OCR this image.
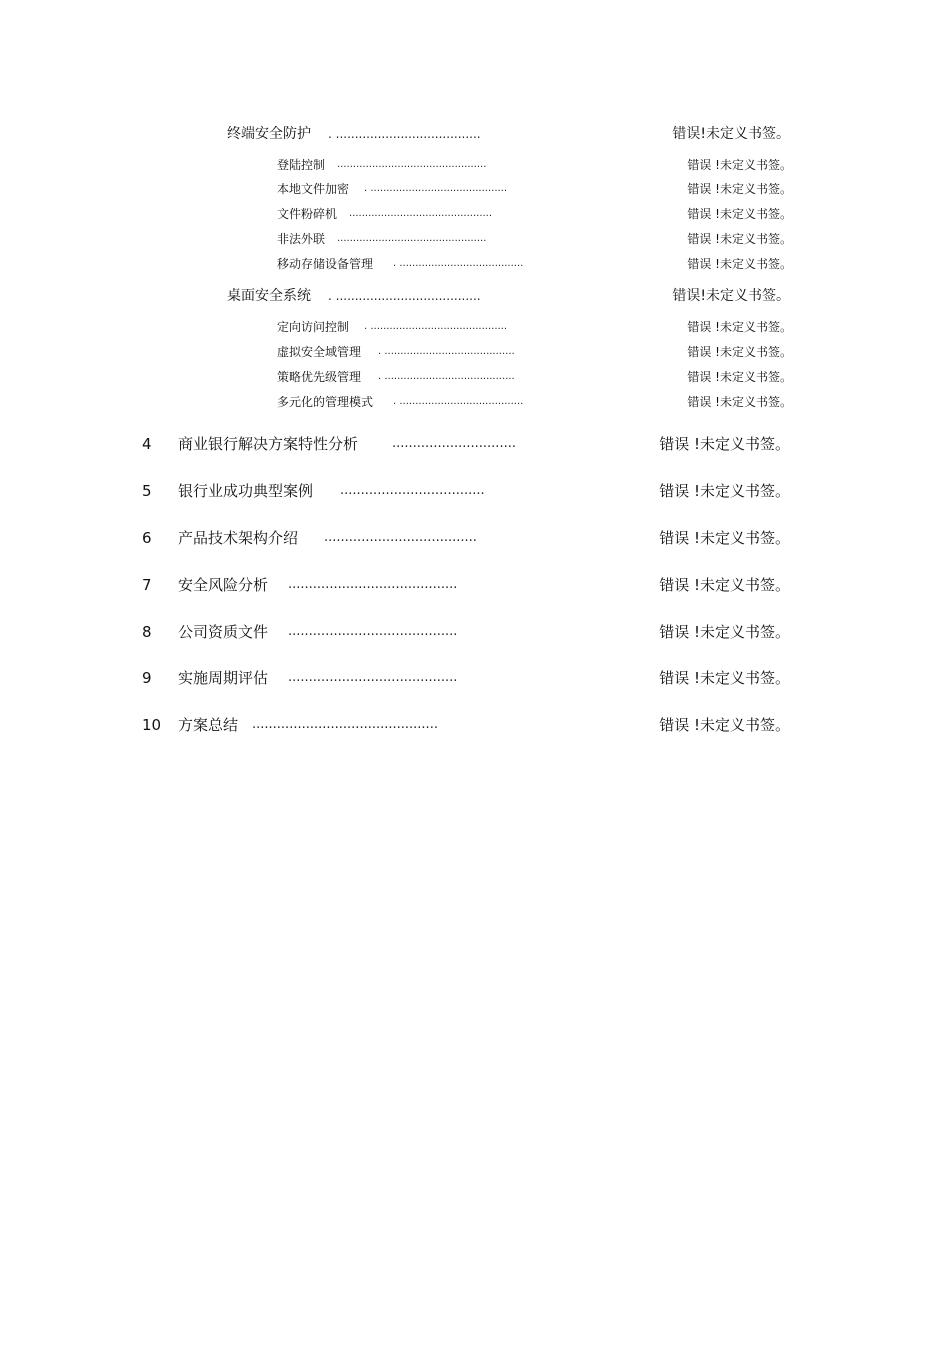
终端安全防护 . ......................................	错误!未定义书签。
登陆控制 ...............................................	错误 !未定义书签。
本地文件加密 . ...........................................	错误 !未定义书签。
文件粉碎机 .............................................	错误 !未定义书签。
非法外联 ...............................................	错误 !未定义书签。
移动存储设备管理 . .......................................	错误 !未定义书签。
桌面安全系统 . ......................................	错误!未定义书签。
定向访问控制 . ...........................................	错误 !未定义书签。
虚拟安全域管理 . .........................................	错误 !未定义书签。
策略优先级管理 . .........................................	错误 !未定义书签。
多元化的管理模式 . .......................................	错误 !未定义书签。
4 商业银行解决方案特性分析	..............................	错误 !未定义书签。
5 银行业成功典型案例 ...................................	错误 !未定义书签。
6 产品技术架构介绍 .....................................	错误 !未定义书签。
7 安全风险分析 .........................................	错误 !未定义书签。
8 公司资质文件 .........................................	错误 !未定义书签。
9 实施周期评估 .........................................	错误 !未定义书签。
10 方案总结 .............................................	错误 !未定义书签。
